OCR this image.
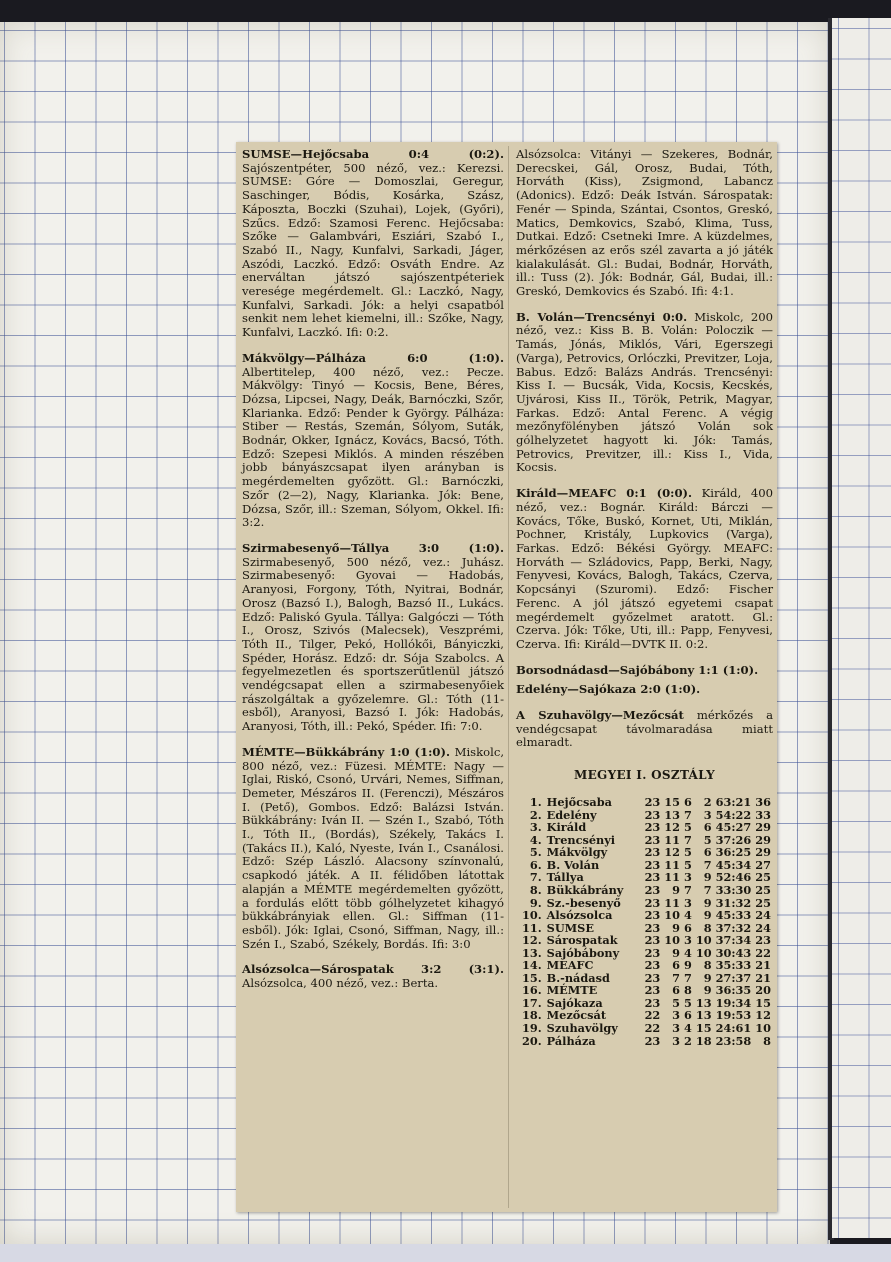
SUMSE—Hejőcsaba 0:4 (0:2). Sajószentpéter, 500 néző, vez.: Kerezsi. SUMSE: Góre — Domoszlai, Geregur, Saschinger, Bódis, Kosárka, Szász, Káposzta, Boczki (Szuhai), Lojek, (Győri), Szűcs. Edző: Szamosi Ferenc. Hejőcsaba: Szőke — Galambvári, Esziári, Szabó I., Szabó II., Nagy, Kunfalvi, Sarkadi, Jáger, Aszódi, Laczkó. Edző: Osváth Endre. Az enerváltan játszó sajószentpéteriek veresége megérdemelt. Gl.: Laczkó, Nagy, Kunfalvi, Sarkadi. Jók: a helyi csapatból senkit nem lehet kiemelni, ill.: Szőke, Nagy, Kunfalvi, Laczkó. Ifi: 0:2.

Mákvölgy—Pálháza 6:0 (1:0). Albertitelep, 400 néző, vez.: Pecze. Mákvölgy: Tinyó — Kocsis, Bene, Béres, Dózsa, Lipcsei, Nagy, Deák, Barnóczki, Szőr, Klarianka. Edző: Pender k György. Pálháza: Stiber — Restás, Szemán, Sólyom, Suták, Bodnár, Okker, Ignácz, Kovács, Bacsó, Tóth. Edző: Szepesi Miklós. A minden részében jobb bányászcsapat ilyen arányban is megérdemelten győzött. Gl.: Barnóczki, Szőr (2—2), Nagy, Klarianka. Jók: Bene, Dózsa, Szőr, ill.: Szeman, Sólyom, Okkel. Ifi: 3:2.

Szirmabesenyő—Tállya 3:0 (1:0). Szirmabesenyő, 500 néző, vez.: Juhász. Szirmabesenyő: Gyovai — Hadobás, Aranyosi, Forgony, Tóth, Nyitrai, Bodnár, Orosz (Bazsó I.), Balogh, Bazsó II., Lukács. Edző: Paliskó Gyula. Tállya: Galgóczi — Tóth I., Orosz, Szivós (Malecsek), Veszprémi, Tóth II., Tilger, Pekó, Hollókői, Bányiczki, Spéder, Horász. Edző: dr. Sója Szabolcs. A fegyelmezetlen és sportszerűtlenül játszó vendégcsapat ellen a szirmabesenyőiek rászolgáltak a győzelemre. Gl.: Tóth (11-esből), Aranyosi, Bazsó I. Jók: Hadobás, Aranyosi, Tóth, ill.: Pekó, Spéder. Ifi: 7:0.

MÉMTE—Bükkábrány 1:0 (1:0). Miskolc, 800 néző, vez.: Füzesi. MÉMTE: Nagy — Iglai, Riskó, Csonó, Urvári, Nemes, Siffman, Demeter, Mészáros II. (Ferenczi), Mészáros I. (Pető), Gombos. Edző: Balázsi István. Bükkábrány: Iván II. — Szén I., Szabó, Tóth I., Tóth II., (Bordás), Székely, Takács I. (Takács II.), Kaló, Nyeste, Iván I., Csanálosi. Edző: Szép László. Alacsony színvonalú, csapkodó játék. A II. félidőben látottak alapján a MÉMTE megérdemelten győzött, a fordulás előtt több gólhelyzetet kihagyó bükkábrányiak ellen. Gl.: Siffman (11-esből). Jók: Iglai, Csonó, Siffman, Nagy, ill.: Szén I., Szabó, Székely, Bordás. Ifi: 3:0

Alsózsolca—Sárospatak 3:2 (3:1). Alsózsolca, 400 néző, vez.: Berta.

Alsózsolca: Vitányi — Szekeres, Bodnár, Derecskei, Gál, Orosz, Budai, Tóth, Horváth (Kiss), Zsigmond, Labancz (Adonics). Edző: Deák István. Sárospatak: Fenér — Spinda, Szántai, Csontos, Greskó, Matics, Demkovics, Szabó, Klima, Tuss, Dutkai. Edző: Csetneki Imre. A küzdelmes, mérkőzésen az erős szél zavarta a jó játék kialakulását. Gl.: Budai, Bodnár, Horváth, ill.: Tuss (2). Jók: Bodnár, Gál, Budai, ill.: Greskó, Demkovics és Szabó. Ifi: 4:1.

B. Volán—Trencsényi 0:0. Miskolc, 200 néző, vez.: Kiss B. B. Volán: Poloczik — Tamás, Jónás, Miklós, Vári, Egerszegi (Varga), Petrovics, Orlóczki, Previtzer, Loja, Babus. Edző: Balázs András. Trencsényi: Kiss I. — Bucsák, Vida, Kocsis, Kecskés, Ujvárosi, Kiss II., Török, Petrik, Magyar, Farkas. Edző: Antal Ferenc. A végig mezőnyfölényben játszó Volán sok gólhelyzetet hagyott ki. Jók: Tamás, Petrovics, Previtzer, ill.: Kiss I., Vida, Kocsis.

Királd—MEAFC 0:1 (0:0). Királd, 400 néző, vez.: Bognár. Királd: Bárczi — Kovács, Tőke, Buskó, Kornet, Uti, Miklán, Pochner, Kristály, Lupkovics (Varga), Farkas. Edző: Békési György. MEAFC: Horváth — Szládovics, Papp, Berki, Nagy, Fenyvesi, Kovács, Balogh, Takács, Czerva, Kopcsányi (Szuromi). Edző: Fischer Ferenc. A jól játszó egyetemi csapat megérdemelt győzelmet aratott. Gl.: Czerva. Jók: Tőke, Uti, ill.: Papp, Fenyvesi, Czerva. Ifi: Királd—DVTK II. 0:2.

Borsodnádasd—Sajóbábony 1:1 (1:0).

Edelény—Sajókaza 2:0 (1:0).

A Szuhavölgy—Mezőcsát mérkőzés a vendégcsapat távolmaradása miatt elmaradt.

MEGYEI I. OSZTÁLY
1.	Hejőcsaba	23	15	6	2	63:21	36
2.	Edelény	23	13	7	3	54:22	33
3.	Királd	23	12	5	6	45:27	29
4.	Trencsényi	23	11	7	5	37:26	29
5.	Mákvölgy	23	12	5	6	36:25	29
6.	B. Volán	23	11	5	7	45:34	27
7.	Tállya	23	11	3	9	52:46	25
8.	Bükkábrány	23	9	7	7	33:30	25
9.	Sz.-besenyő	23	11	3	9	31:32	25
10.	Alsózsolca	23	10	4	9	45:33	24
11.	SUMSE	23	9	6	8	37:32	24
12.	Sárospatak	23	10	3	10	37:34	23
13.	Sajóbábony	23	9	4	10	30:43	22
14.	MEAFC	23	6	9	8	35:33	21
15.	B.-nádasd	23	7	7	9	27:37	21
16.	MÉMTE	23	6	8	9	36:35	20
17.	Sajókaza	23	5	5	13	19:34	15
18.	Mezőcsát	22	3	6	13	19:53	12
19.	Szuhavölgy	22	3	4	15	24:61	10
20.	Pálháza	23	3	2	18	23:58	8
